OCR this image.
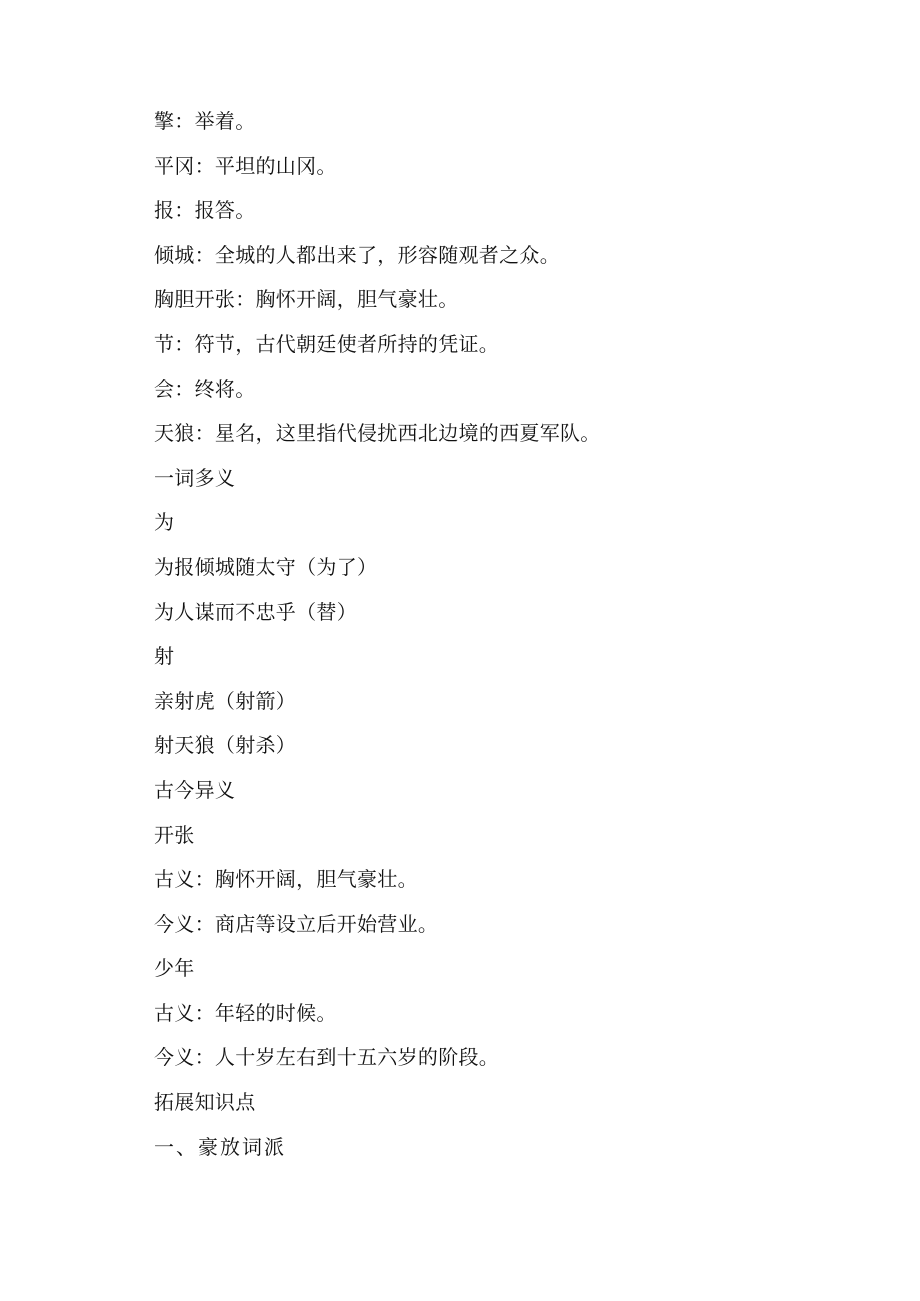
擎：举着。
平冈：平坦的山冈。
报：报答。
倾城：全城的人都出来了，形容随观者之众。
胸胆开张：胸怀开阔，胆气豪壮。
节：符节，古代朝廷使者所持的凭证。
会：终将。
天狼：星名，这里指代侵扰西北边境的西夏军队。
一词多义
为
为报倾城随太守（为了）
为人谋而不忠乎（替）
射
亲射虎（射箭）
射天狼（射杀）
古今异义
开张
古义：胸怀开阔，胆气豪壮。
今义：商店等设立后开始营业。
少年
古义：年轻的时候。
今义：人十岁左右到十五六岁的阶段。
拓展知识点
一、豪放词派
